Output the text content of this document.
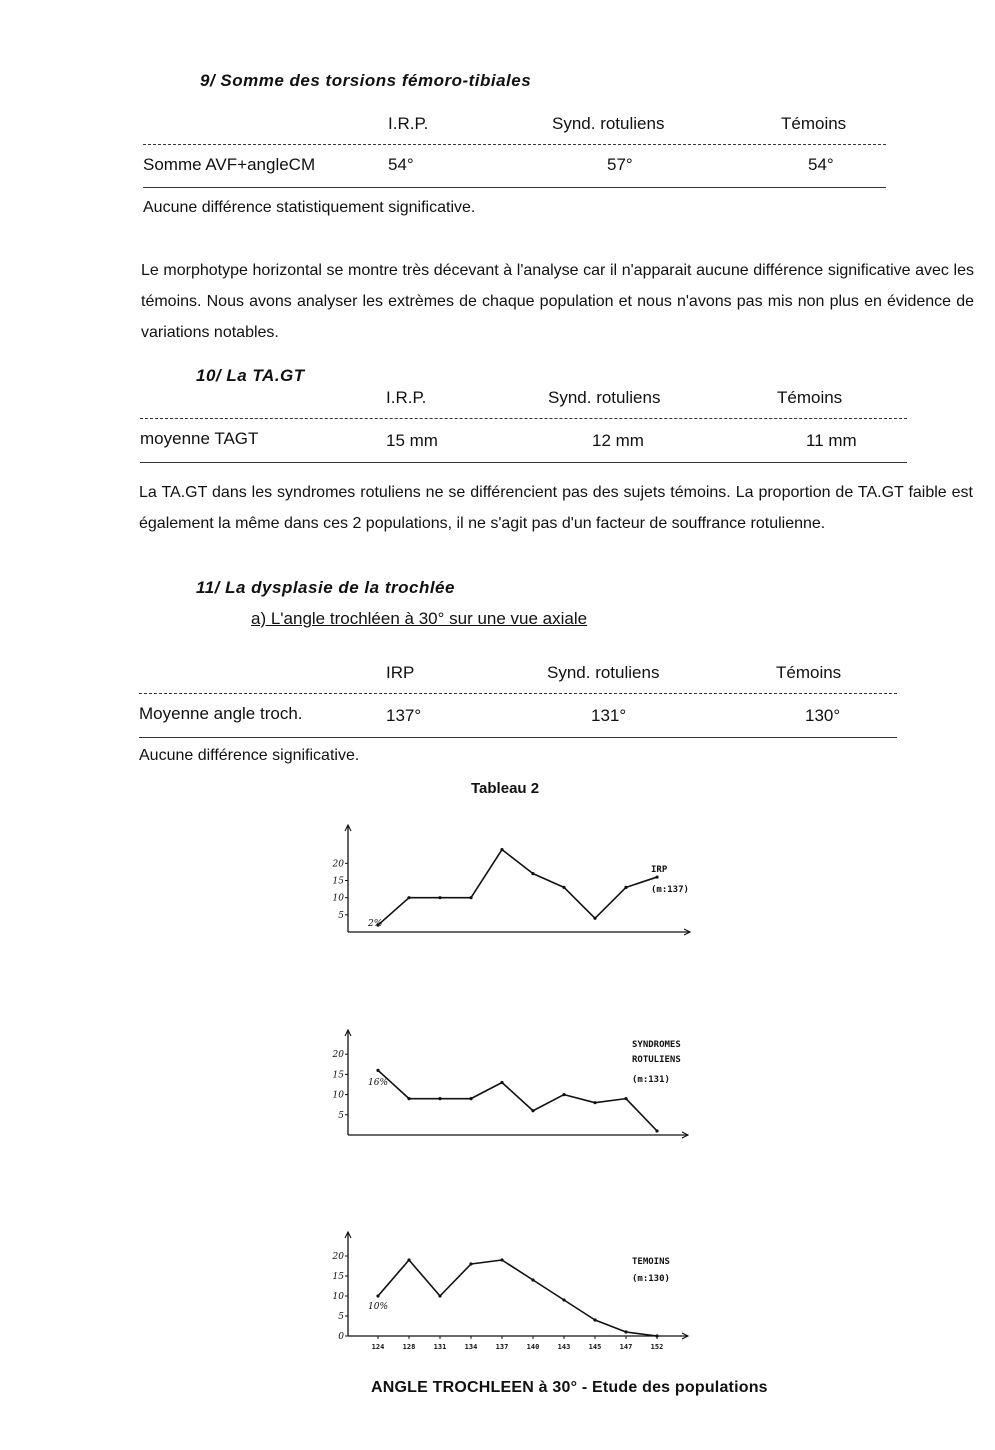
9/ Somme des torsions fémoro-tibiales
I.R.P.	Synd. rotuliens	Témoins
Somme AVF+angleCM	54°	57°	54°
Aucune différence statistiquement significative.
Le morphotype horizontal se montre très décevant à l'analyse car il n'apparait aucune différence significative avec les témoins. Nous avons analyser les extrèmes de chaque population et nous n'avons pas mis non plus en évidence de variations notables.
10/ La TA.GT
I.R.P.	Synd. rotuliens	Témoins
moyenne TAGT	15 mm	12 mm	11 mm
La TA.GT dans les syndromes rotuliens ne se différencient pas des sujets témoins. La proportion de TA.GT faible est également la même dans ces 2 populations, il ne s'agit pas d'un facteur de souffrance rotulienne.
11/ La dysplasie de la trochlée
a) L'angle trochléen à 30° sur une vue axiale
IRP	Synd. rotuliens	Témoins
Moyenne angle troch.	137°	131°	130°
Aucune différence significative.
Tableau 2
20
15
10
5
2%
IRP
(m:137)
20
15
10
5
16%
SYNDROMES
ROTULIENS
(m:131)
20
15
10
5
0
10%
TEMOINS
(m:130)
124	128	131	134	137	140	143	145	147	152
ANGLE TROCHLEEN à 30° - Etude des populations
